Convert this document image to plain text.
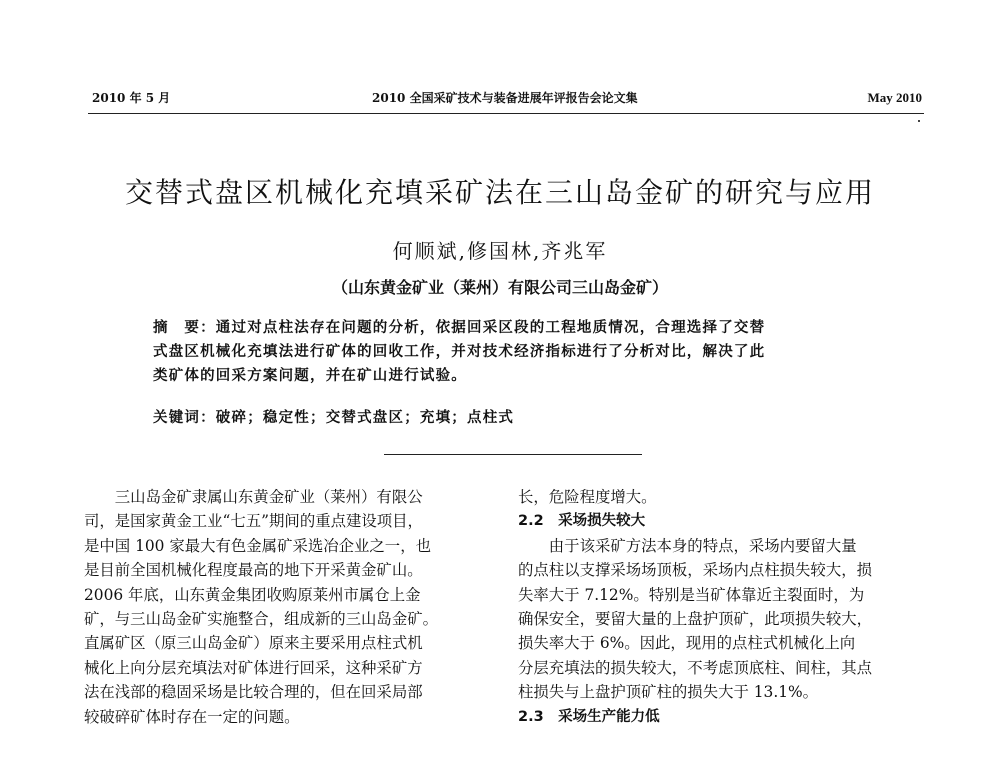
2010 年 5 月	2010 全国采矿技术与装备进展年评报告会论文集	May 2010
交替式盘区机械化充填采矿法在三山岛金矿的研究与应用
何顺斌,修国林,齐兆军
（山东黄金矿业（莱州）有限公司三山岛金矿）
摘　要：通过对点柱法存在问题的分析，依据回采区段的工程地质情况，合理选择了交替
式盘区机械化充填法进行矿体的回收工作，并对技术经济指标进行了分析对比，解决了此
类矿体的回采方案问题，并在矿山进行试验。
关键词：破碎；稳定性；交替式盘区；充填；点柱式
　　三山岛金矿隶属山东黄金矿业（莱州）有限公
司，是国家黄金工业“七五”期间的重点建设项目，
是中国 100 家最大有色金属矿采选冶企业之一，也
是目前全国机械化程度最高的地下开采黄金矿山。
2006 年底，山东黄金集团收购原莱州市属仓上金
矿，与三山岛金矿实施整合，组成新的三山岛金矿。
直属矿区（原三山岛金矿）原来主要采用点柱式机
械化上向分层充填法对矿体进行回采，这种采矿方
法在浅部的稳固采场是比较合理的，但在回采局部
较破碎矿体时存在一定的问题。
长，危险程度增大。
2.2　采场损失较大
　　由于该采矿方法本身的特点，采场内要留大量
的点柱以支撑采场场顶板，采场内点柱损失较大，损
失率大于 7.12%。特别是当矿体靠近主裂面时，为
确保安全，要留大量的上盘护顶矿，此项损失较大，
损失率大于 6%。因此，现用的点柱式机械化上向
分层充填法的损失较大，不考虑顶底柱、间柱，其点
柱损失与上盘护顶矿柱的损失大于 13.1%。
2.3　采场生产能力低
